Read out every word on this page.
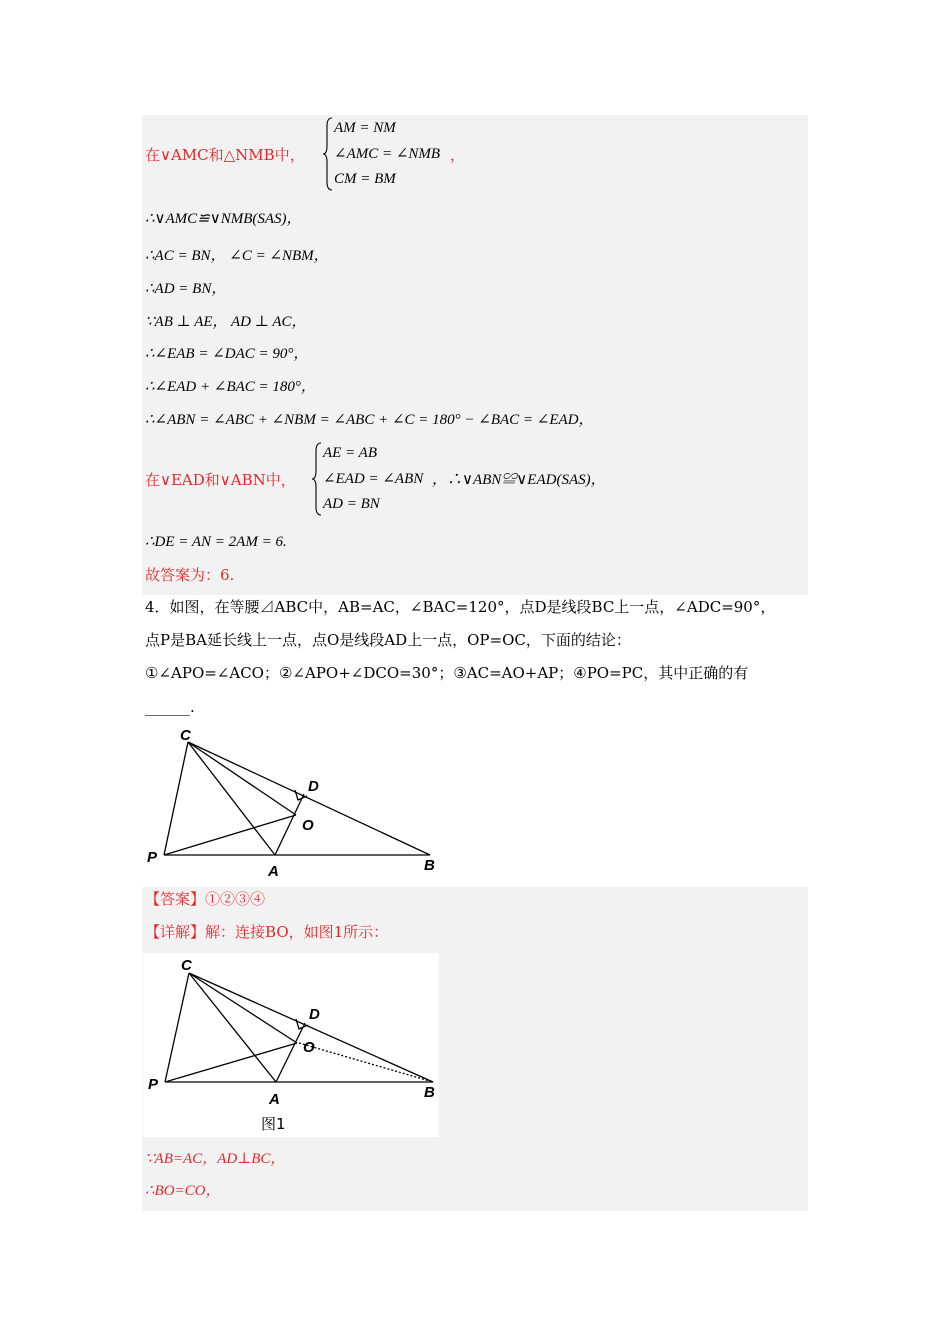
在∨AMC和△NMB中，
AM = NM
∠AMC = ∠NMB
CM = BM
，
∴∨AMC≌∨NMB(SAS)，
∴AC = BN， ∠C = ∠NBM，
∴AD = BN，
∵AB ⊥ AE， AD ⊥ AC，
∴∠EAB = ∠DAC = 90°，
∴∠EAD + ∠BAC = 180°，
∴∠ABN = ∠ABC + ∠NBM = ∠ABC + ∠C = 180° − ∠BAC = ∠EAD，
在∨EAD和∨ABN中，
AE = AB
∠EAD = ∠ABN
AD = BN
，∴∨ABN≌∨EAD(SAS)，
∴DE = AN = 2AM = 6.
故答案为：6.
4．如图，在等腰⊿ABC中，AB=AC，∠BAC=120°，点D是线段BC上一点，∠ADC=90°，
点P是BA延长线上一点，点O是线段AD上一点，OP=OC，下面的结论：
①∠APO=∠ACO；②∠APO+∠DCO=30°；③AC=AO+AP；④PO=PC，其中正确的有
______.
C
D
O
P
A	B
【答案】①②③④
【详解】解：连接BO，如图1所示：
C
D
O
P
A	B
图1
∵AB=AC，AD⊥BC，
∴BO=CO，
